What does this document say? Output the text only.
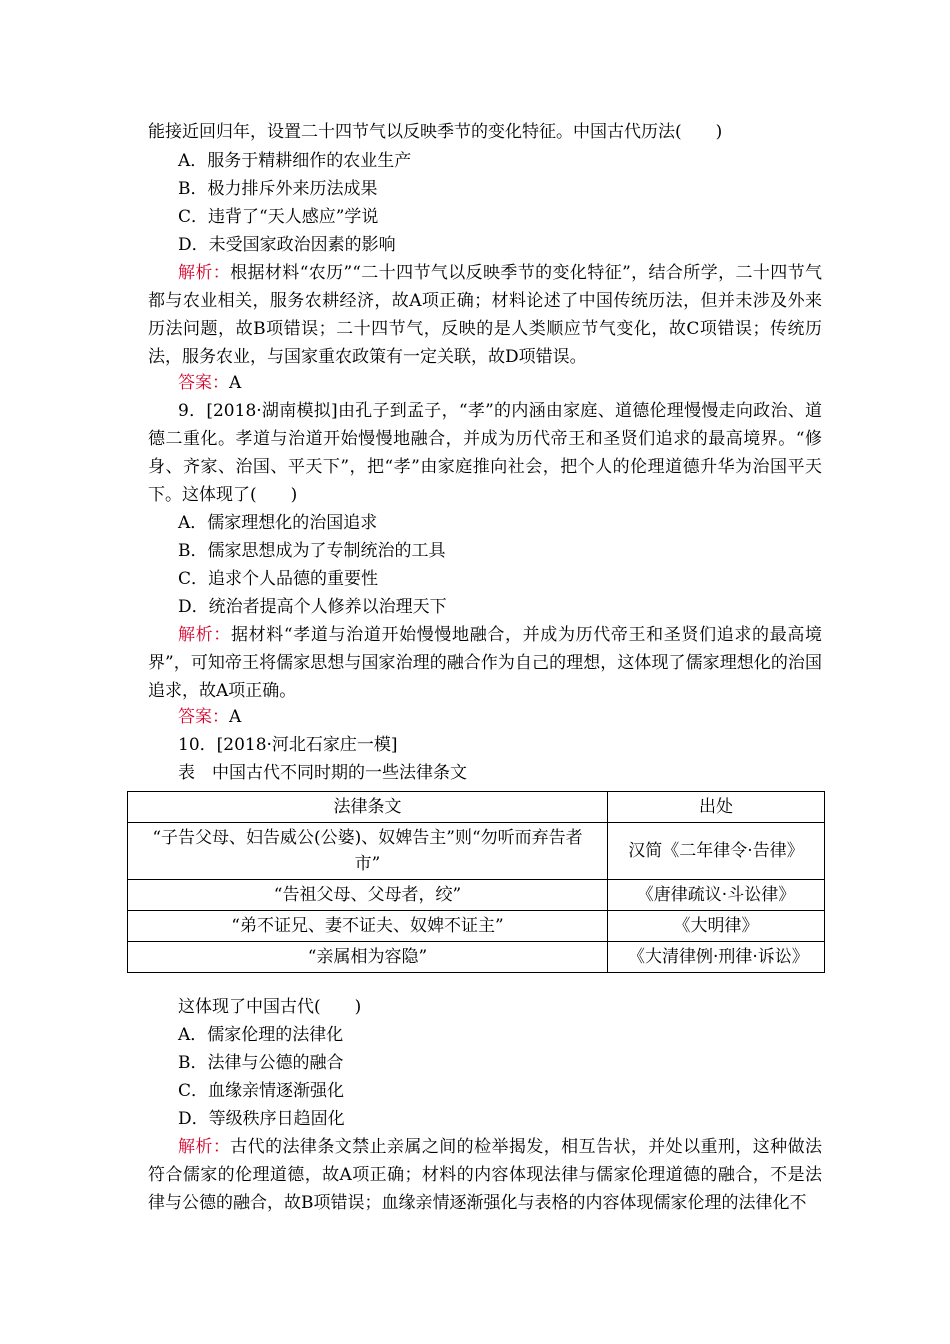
能接近回归年，设置二十四节气以反映季节的变化特征。中国古代历法(　　)
A．服务于精耕细作的农业生产
B．极力排斥外来历法成果
C．违背了“天人感应”学说
D．未受国家政治因素的影响
解析：根据材料“农历”“二十四节气以反映季节的变化特征”，结合所学，二十四节气都与农业相关，服务农耕经济，故A项正确；材料论述了中国传统历法，但并未涉及外来历法问题，故B项错误；二十四节气，反映的是人类顺应节气变化，故C项错误；传统历法，服务农业，与国家重农政策有一定关联，故D项错误。
答案：A
9．[2018·湖南模拟]由孔子到孟子，“孝”的内涵由家庭、道德伦理慢慢走向政治、道德二重化。孝道与治道开始慢慢地融合，并成为历代帝王和圣贤们追求的最高境界。“修身、齐家、治国、平天下”，把“孝”由家庭推向社会，把个人的伦理道德升华为治国平天下。这体现了(　　)
A．儒家理想化的治国追求
B．儒家思想成为了专制统治的工具
C．追求个人品德的重要性
D．统治者提高个人修养以治理天下
解析：据材料“孝道与治道开始慢慢地融合，并成为历代帝王和圣贤们追求的最高境界”，可知帝王将儒家思想与国家治理的融合作为自己的理想，这体现了儒家理想化的治国追求，故A项正确。
答案：A
10．[2018·河北石家庄一模]
表　中国古代不同时期的一些法律条文
法律条文	出处
“子告父母、妇告威公(公婆)、奴婢告主”则“勿听而弃告者市”	汉简《二年律令·告律》
“告祖父母、父母者，绞”	《唐律疏议·斗讼律》
“弟不证兄、妻不证夫、奴婢不证主”	《大明律》
“亲属相为容隐”	《大清律例·刑律·诉讼》
这体现了中国古代(　　)
A．儒家伦理的法律化
B．法律与公德的融合
C．血缘亲情逐渐强化
D．等级秩序日趋固化
解析：古代的法律条文禁止亲属之间的检举揭发，相互告状，并处以重刑，这种做法符合儒家的伦理道德，故A项正确；材料的内容体现法律与儒家伦理道德的融合，不是法律与公德的融合，故B项错误；血缘亲情逐渐强化与表格的内容体现儒家伦理的法律化不
